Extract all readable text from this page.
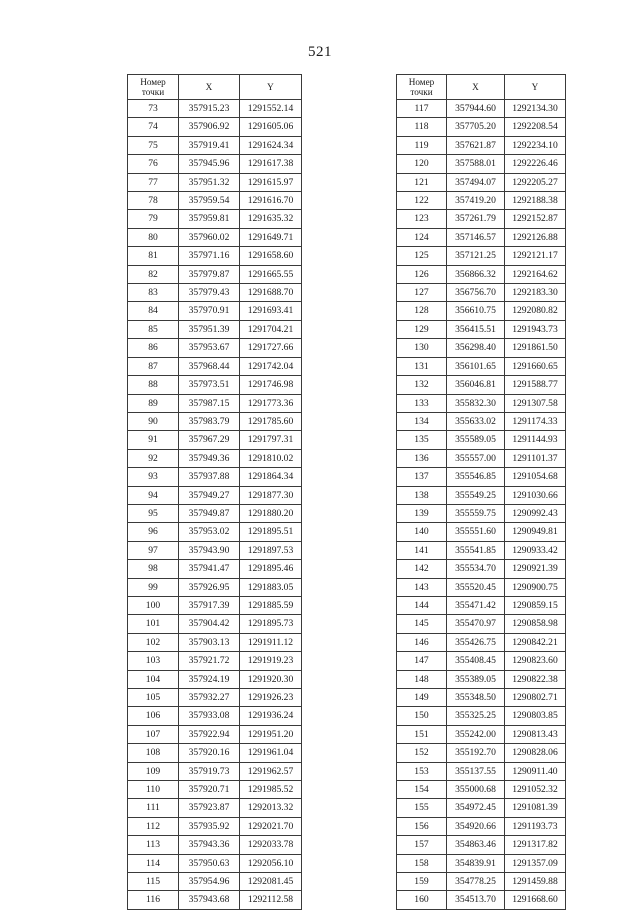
521
Номер
точки	X	Y
73	357915.23	1291552.14
74	357906.92	1291605.06
75	357919.41	1291624.34
76	357945.96	1291617.38
77	357951.32	1291615.97
78	357959.54	1291616.70
79	357959.81	1291635.32
80	357960.02	1291649.71
81	357971.16	1291658.60
82	357979.87	1291665.55
83	357979.43	1291688.70
84	357970.91	1291693.41
85	357951.39	1291704.21
86	357953.67	1291727.66
87	357968.44	1291742.04
88	357973.51	1291746.98
89	357987.15	1291773.36
90	357983.79	1291785.60
91	357967.29	1291797.31
92	357949.36	1291810.02
93	357937.88	1291864.34
94	357949.27	1291877.30
95	357949.87	1291880.20
96	357953.02	1291895.51
97	357943.90	1291897.53
98	357941.47	1291895.46
99	357926.95	1291883.05
100	357917.39	1291885.59
101	357904.42	1291895.73
102	357903.13	1291911.12
103	357921.72	1291919.23
104	357924.19	1291920.30
105	357932.27	1291926.23
106	357933.08	1291936.24
107	357922.94	1291951.20
108	357920.16	1291961.04
109	357919.73	1291962.57
110	357920.71	1291985.52
111	357923.87	1292013.32
112	357935.92	1292021.70
113	357943.36	1292033.78
114	357950.63	1292056.10
115	357954.96	1292081.45
116	357943.68	1292112.58
Номер
точки	X	Y
117	357944.60	1292134.30
118	357705.20	1292208.54
119	357621.87	1292234.10
120	357588.01	1292226.46
121	357494.07	1292205.27
122	357419.20	1292188.38
123	357261.79	1292152.87
124	357146.57	1292126.88
125	357121.25	1292121.17
126	356866.32	1292164.62
127	356756.70	1292183.30
128	356610.75	1292080.82
129	356415.51	1291943.73
130	356298.40	1291861.50
131	356101.65	1291660.65
132	356046.81	1291588.77
133	355832.30	1291307.58
134	355633.02	1291174.33
135	355589.05	1291144.93
136	355557.00	1291101.37
137	355546.85	1291054.68
138	355549.25	1291030.66
139	355559.75	1290992.43
140	355551.60	1290949.81
141	355541.85	1290933.42
142	355534.70	1290921.39
143	355520.45	1290900.75
144	355471.42	1290859.15
145	355470.97	1290858.98
146	355426.75	1290842.21
147	355408.45	1290823.60
148	355389.05	1290822.38
149	355348.50	1290802.71
150	355325.25	1290803.85
151	355242.00	1290813.43
152	355192.70	1290828.06
153	355137.55	1290911.40
154	355000.68	1291052.32
155	354972.45	1291081.39
156	354920.66	1291193.73
157	354863.46	1291317.82
158	354839.91	1291357.09
159	354778.25	1291459.88
160	354513.70	1291668.60
